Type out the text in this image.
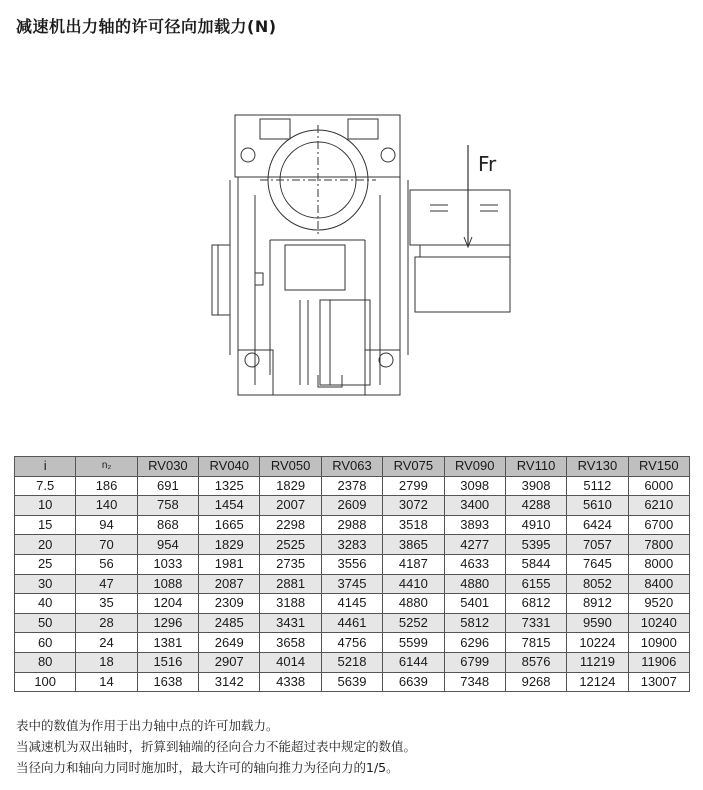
减速机出力轴的许可径向加载力(N)
Fr
i	n₂	RV030	RV040	RV050	RV063	RV075	RV090	RV110	RV130	RV150
7.5	186	691	1325	1829	2378	2799	3098	3908	5112	6000
10	140	758	1454	2007	2609	3072	3400	4288	5610	6210
15	94	868	1665	2298	2988	3518	3893	4910	6424	6700
20	70	954	1829	2525	3283	3865	4277	5395	7057	7800
25	56	1033	1981	2735	3556	4187	4633	5844	7645	8000
30	47	1088	2087	2881	3745	4410	4880	6155	8052	8400
40	35	1204	2309	3188	4145	4880	5401	6812	8912	9520
50	28	1296	2485	3431	4461	5252	5812	7331	9590	10240
60	24	1381	2649	3658	4756	5599	6296	7815	10224	10900
80	18	1516	2907	4014	5218	6144	6799	8576	11219	11906
100	14	1638	3142	4338	5639	6639	7348	9268	12124	13007
表中的数值为作用于出力轴中点的许可加载力。
当减速机为双出轴时，折算到轴端的径向合力不能超过表中规定的数值。
当径向力和轴向力同时施加时，最大许可的轴向推力为径向力的1/5。
